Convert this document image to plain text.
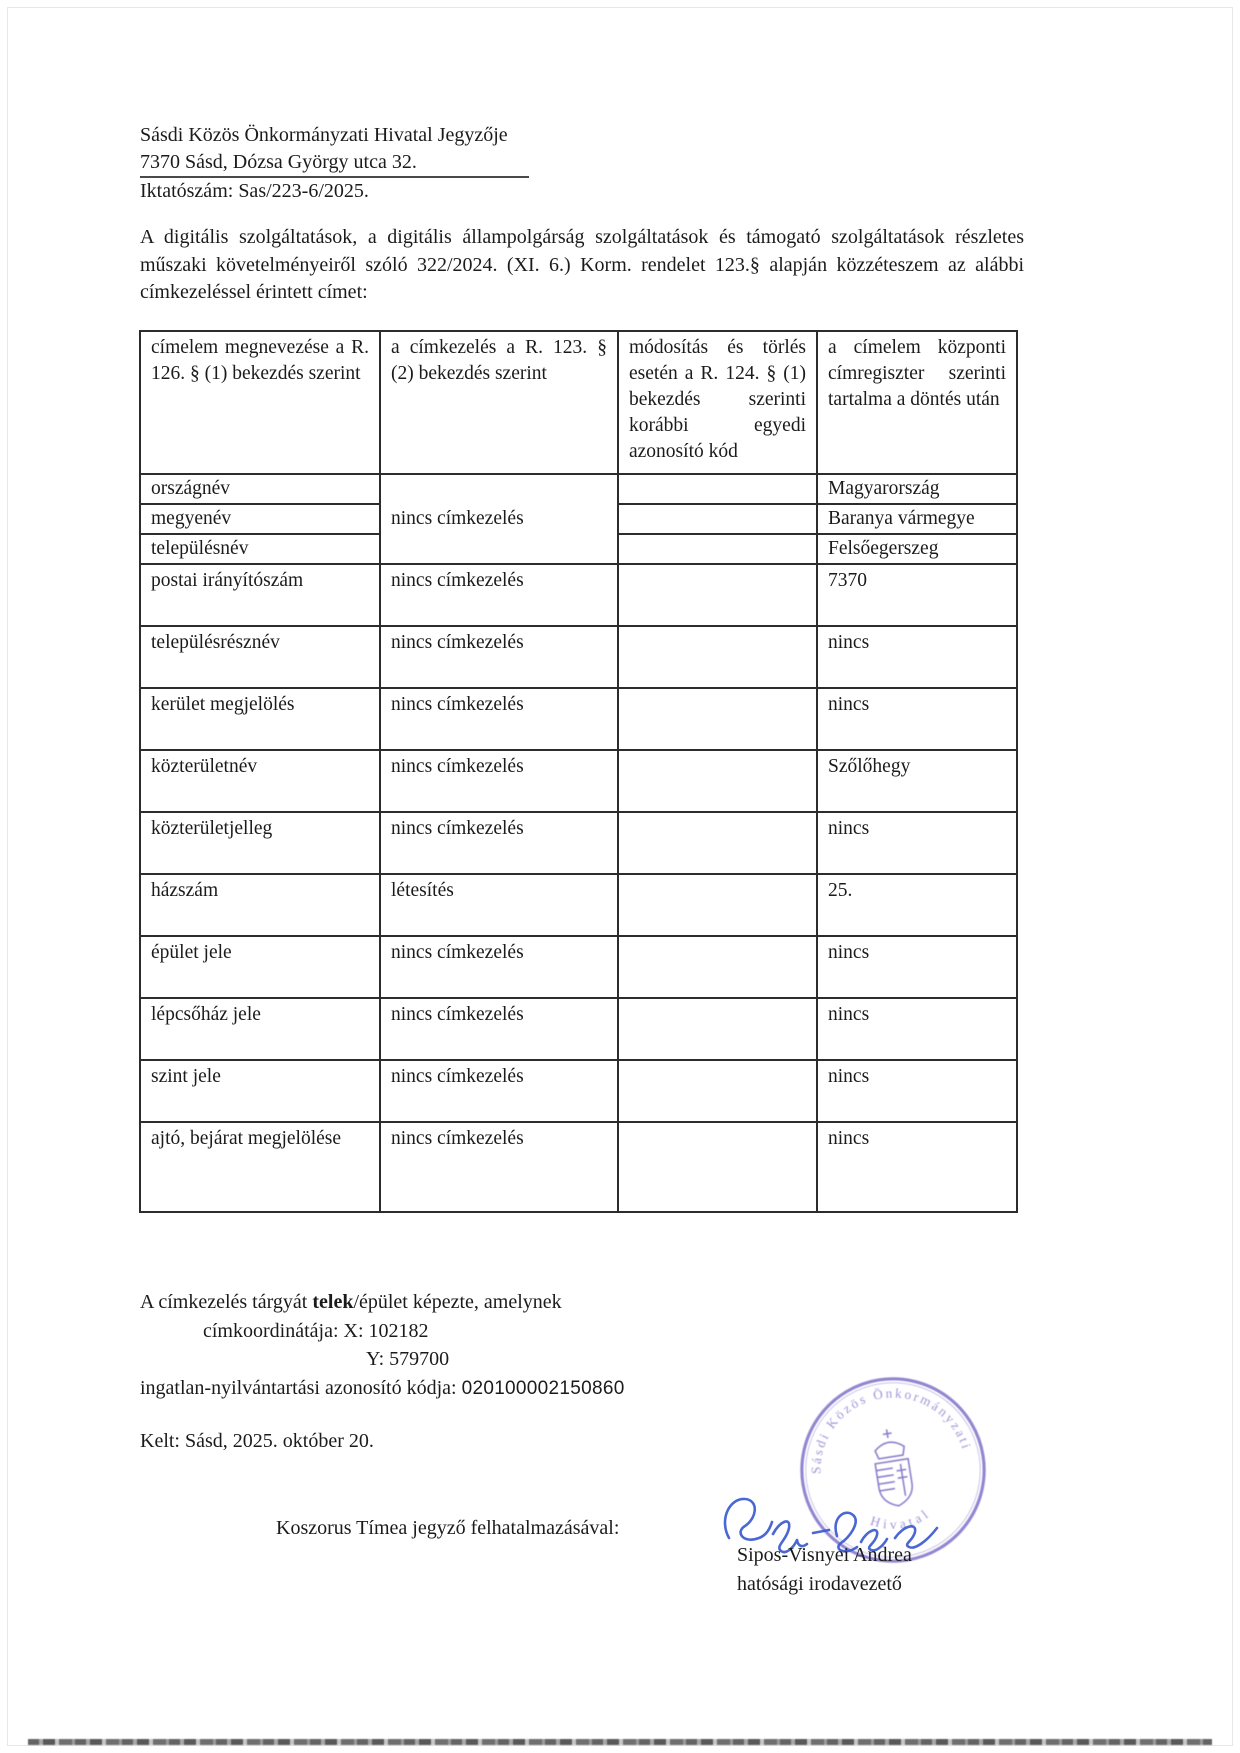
Sásdi Közös Önkormányzati Hivatal Jegyzője
7370 Sásd, Dózsa György utca 32.
Iktatószám: Sas/223-6/2025.

A digitális szolgáltatások, a digitális állampolgárság szolgáltatások és támogató szolgáltatások részletes műszaki követelményeiről szóló 322/2024. (XI. 6.) Korm. rendelet 123.§ alapján közzéteszem az alábbi címkezeléssel érintett címet:

címelem megnevezése a R. 126. § (1) bekezdés szerint	a címkezelés a R. 123. § (2) bekezdés szerint	módosítás és törlés esetén a R. 124. § (1) bekezdés szerinti korábbi egyedi azonosító kód	a címelem központi címregiszter szerinti tartalma a döntés után
országnév	nincs címkezelés		Magyarország
megyenév			Baranya vármegye
településnév			Felsőegerszeg
postai irányítószám	nincs címkezelés		7370
településrésznév	nincs címkezelés		nincs
kerület megjelölés	nincs címkezelés		nincs
közterületnév	nincs címkezelés		Szőlőhegy
közterületjelleg	nincs címkezelés		nincs
házszám	létesítés		25.
épület jele	nincs címkezelés		nincs
lépcsőház jele	nincs címkezelés		nincs
szint jele	nincs címkezelés		nincs
ajtó, bejárat megjelölése	nincs címkezelés		nincs
A címkezelés tárgyát telek/épület képezte, amelynek
címkoordinátája: X: 102182
Y: 579700
ingatlan-nyilvántartási azonosító kódja: 020100002150860
Kelt: Sásd, 2025. október 20.
Koszorus Tímea jegyző felhatalmazásával:
Sásdi Közös Önkormányzati
Hivatal
Sipos-Visnyei Andrea
hatósági irodavezető
